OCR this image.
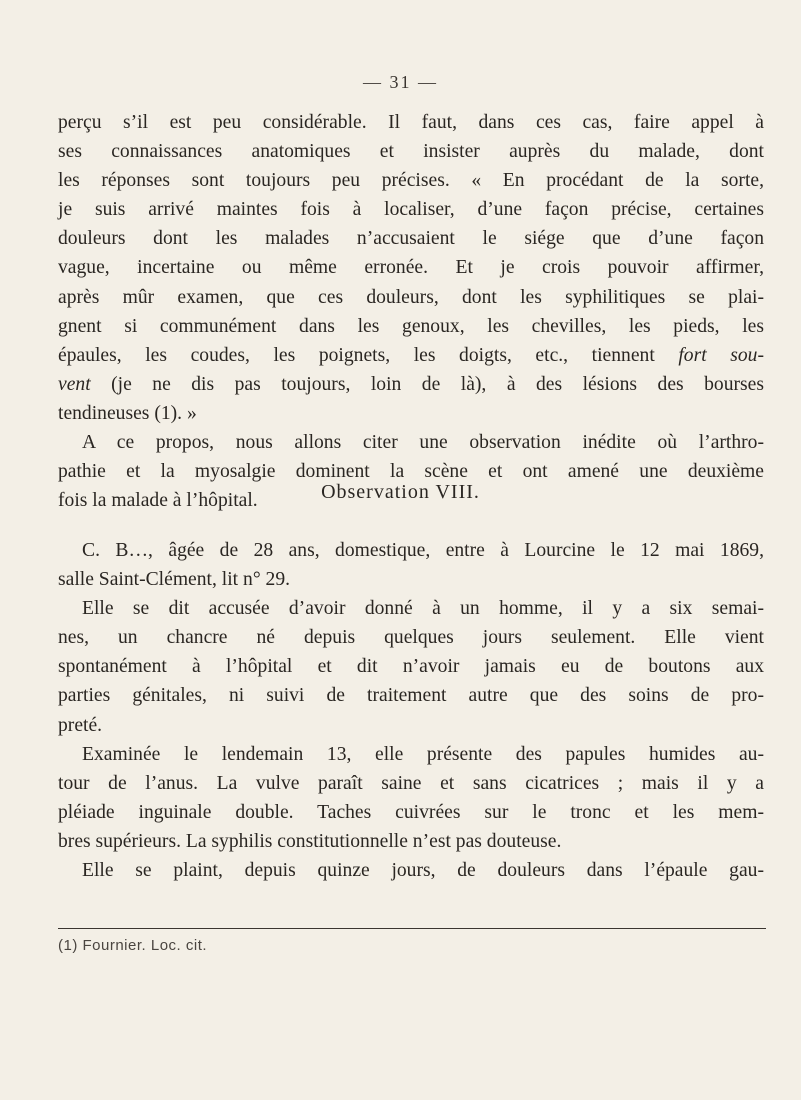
— 31 —
perçu s’il est peu considérable. Il faut, dans ces cas, faire appel à
ses connaissances anatomiques et insister auprès du malade, dont
les réponses sont toujours peu précises. « En procédant de la sorte,
je suis arrivé maintes fois à localiser, d’une façon précise, certaines
douleurs dont les malades n’accusaient le siége que d’une façon
vague, incertaine ou même erronée. Et je crois pouvoir affirmer,
après mûr examen, que ces douleurs, dont les syphilitiques se plai-
gnent si communément dans les genoux, les chevilles, les pieds, les
épaules, les coudes, les poignets, les doigts, etc., tiennent fort sou-
vent (je ne dis pas toujours, loin de là), à des lésions des bourses
tendineuses (1). »
A ce propos, nous allons citer une observation inédite où l’arthro-
pathie et la myosalgie dominent la scène et ont amené une deuxième
fois la malade à l’hôpital.	Observation VIII.
C. B…, âgée de 28 ans, domestique, entre à Lourcine le 12 mai 1869,
salle Saint-Clément, lit n° 29.
Elle se dit accusée d’avoir donné à un homme, il y a six semai-
nes, un chancre né depuis quelques jours seulement. Elle vient
spontanément à l’hôpital et dit n’avoir jamais eu de boutons aux
parties génitales, ni suivi de traitement autre que des soins de pro-
preté.
Examinée le lendemain 13, elle présente des papules humides au-
tour de l’anus. La vulve paraît saine et sans cicatrices ; mais il y a
pléiade inguinale double. Taches cuivrées sur le tronc et les mem-
bres supérieurs. La syphilis constitutionnelle n’est pas douteuse.
Elle se plaint, depuis quinze jours, de douleurs dans l’épaule gau-
(1) Fournier. Loc. cit.
